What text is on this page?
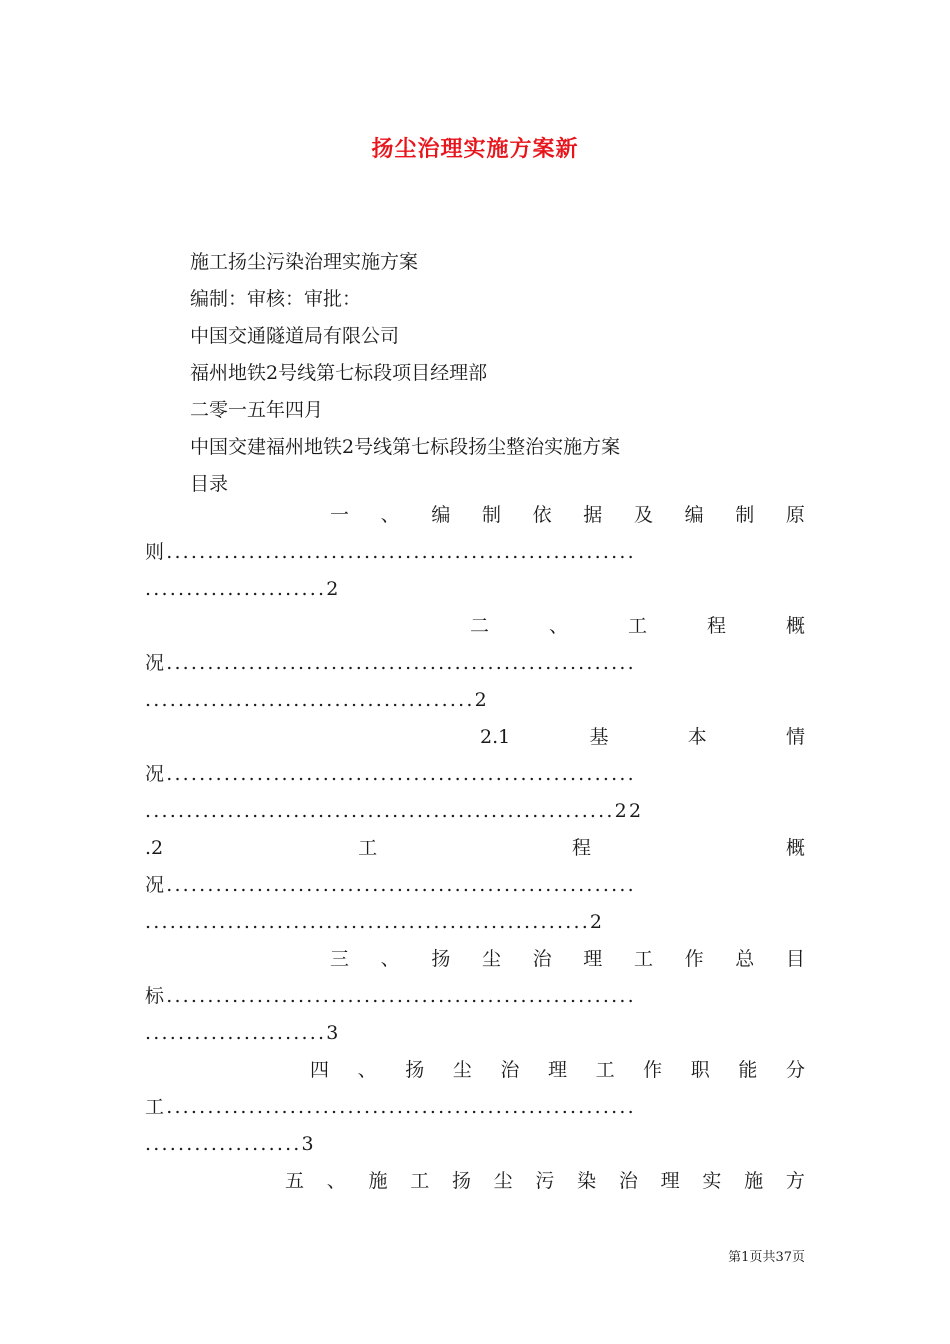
扬尘治理实施方案新
施工扬尘污染治理实施方案
编制：审核：审批：
中国交通隧道局有限公司
福州地铁2号线第七标段项目经理部
二零一五年四月
中国交建福州地铁2号线第七标段扬尘整治实施方案
目录
一 、 编 制 依 据 及 编 制 原
则.........................................................
......................2
二	、	工	程	概
况.........................................................
........................................2
2.1	基	本	情
况.........................................................
.........................................................22
.2	工	程	概
况.........................................................
......................................................2
三 、 扬 尘 治 理 工 作 总 目
标.........................................................
......................3
四 、 扬 尘 治 理 工 作 职 能 分
工.........................................................
...................3
五 、 施 工 扬 尘 污 染 治 理 实 施 方
第1页共37页
